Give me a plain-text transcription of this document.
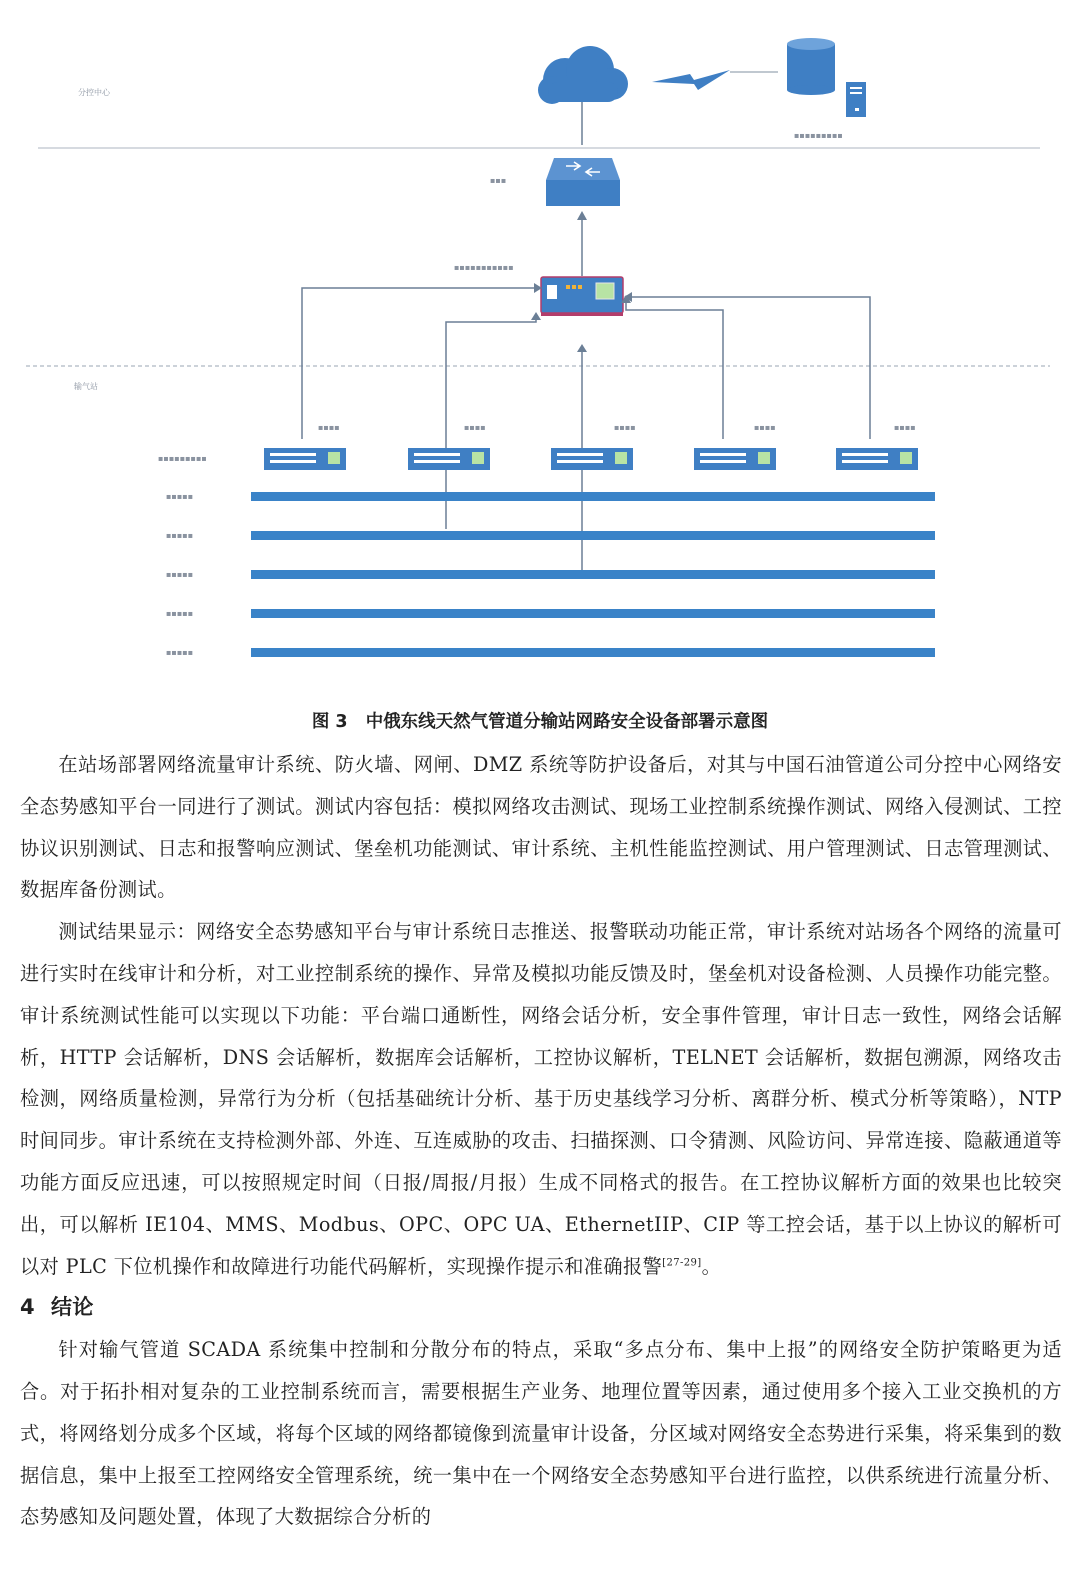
分控中心
输气站
▪▪▪▪▪▪▪▪▪
▪▪▪
▪▪▪▪▪▪▪▪▪▪▪
▪▪▪▪▪▪▪▪▪
▪▪▪▪	▪▪▪▪	▪▪▪▪	▪▪▪▪	▪▪▪▪
▪▪▪▪▪
▪▪▪▪▪
▪▪▪▪▪
▪▪▪▪▪
▪▪▪▪▪
图 3 中俄东线天然气管道分输站网路安全设备部署示意图

在站场部署网络流量审计系统、防火墙、网闸、DMZ 系统等防护设备后，对其与中国石油管道公司分控中心网络安全态势感知平台一同进行了测试。测试内容包括：模拟网络攻击测试、现场工业控制系统操作测试、网络入侵测试、工控协议识别测试、日志和报警响应测试、堡垒机功能测试、审计系统、主机性能监控测试、用户管理测试、日志管理测试、数据库备份测试。

测试结果显示：网络安全态势感知平台与审计系统日志推送、报警联动功能正常，审计系统对站场各个网络的流量可进行实时在线审计和分析，对工业控制系统的操作、异常及模拟功能反馈及时，堡垒机对设备检测、人员操作功能完整。审计系统测试性能可以实现以下功能：平台端口通断性，网络会话分析，安全事件管理，审计日志一致性，网络会话解析，HTTP 会话解析，DNS 会话解析，数据库会话解析，工控协议解析，TELNET 会话解析，数据包溯源，网络攻击检测，网络质量检测，异常行为分析（包括基础统计分析、基于历史基线学习分析、离群分析、模式分析等策略），NTP 时间同步。审计系统在支持检测外部、外连、互连威胁的攻击、扫描探测、口令猜测、风险访问、异常连接、隐蔽通道等功能方面反应迅速，可以按照规定时间（日报/周报/月报）生成不同格式的报告。在工控协议解析方面的效果也比较突出，可以解析 IE104、MMS、Modbus、OPC、OPC UA、EthernetIIP、CIP 等工控会话，基于以上协议的解析可以对 PLC 下位机操作和故障进行功能代码解析，实现操作提示和准确报警[27-29]。

4 结论

针对输气管道 SCADA 系统集中控制和分散分布的特点，采取“多点分布、集中上报”的网络安全防护策略更为适合。对于拓扑相对复杂的工业控制系统而言，需要根据生产业务、地理位置等因素，通过使用多个接入工业交换机的方式，将网络划分成多个区域，将每个区域的网络都镜像到流量审计设备，分区域对网络安全态势进行采集，将采集到的数据信息，集中上报至工控网络安全管理系统，统一集中在一个网络安全态势感知平台进行监控，以供系统进行流量分析、态势感知及问题处置，体现了大数据综合分析的
